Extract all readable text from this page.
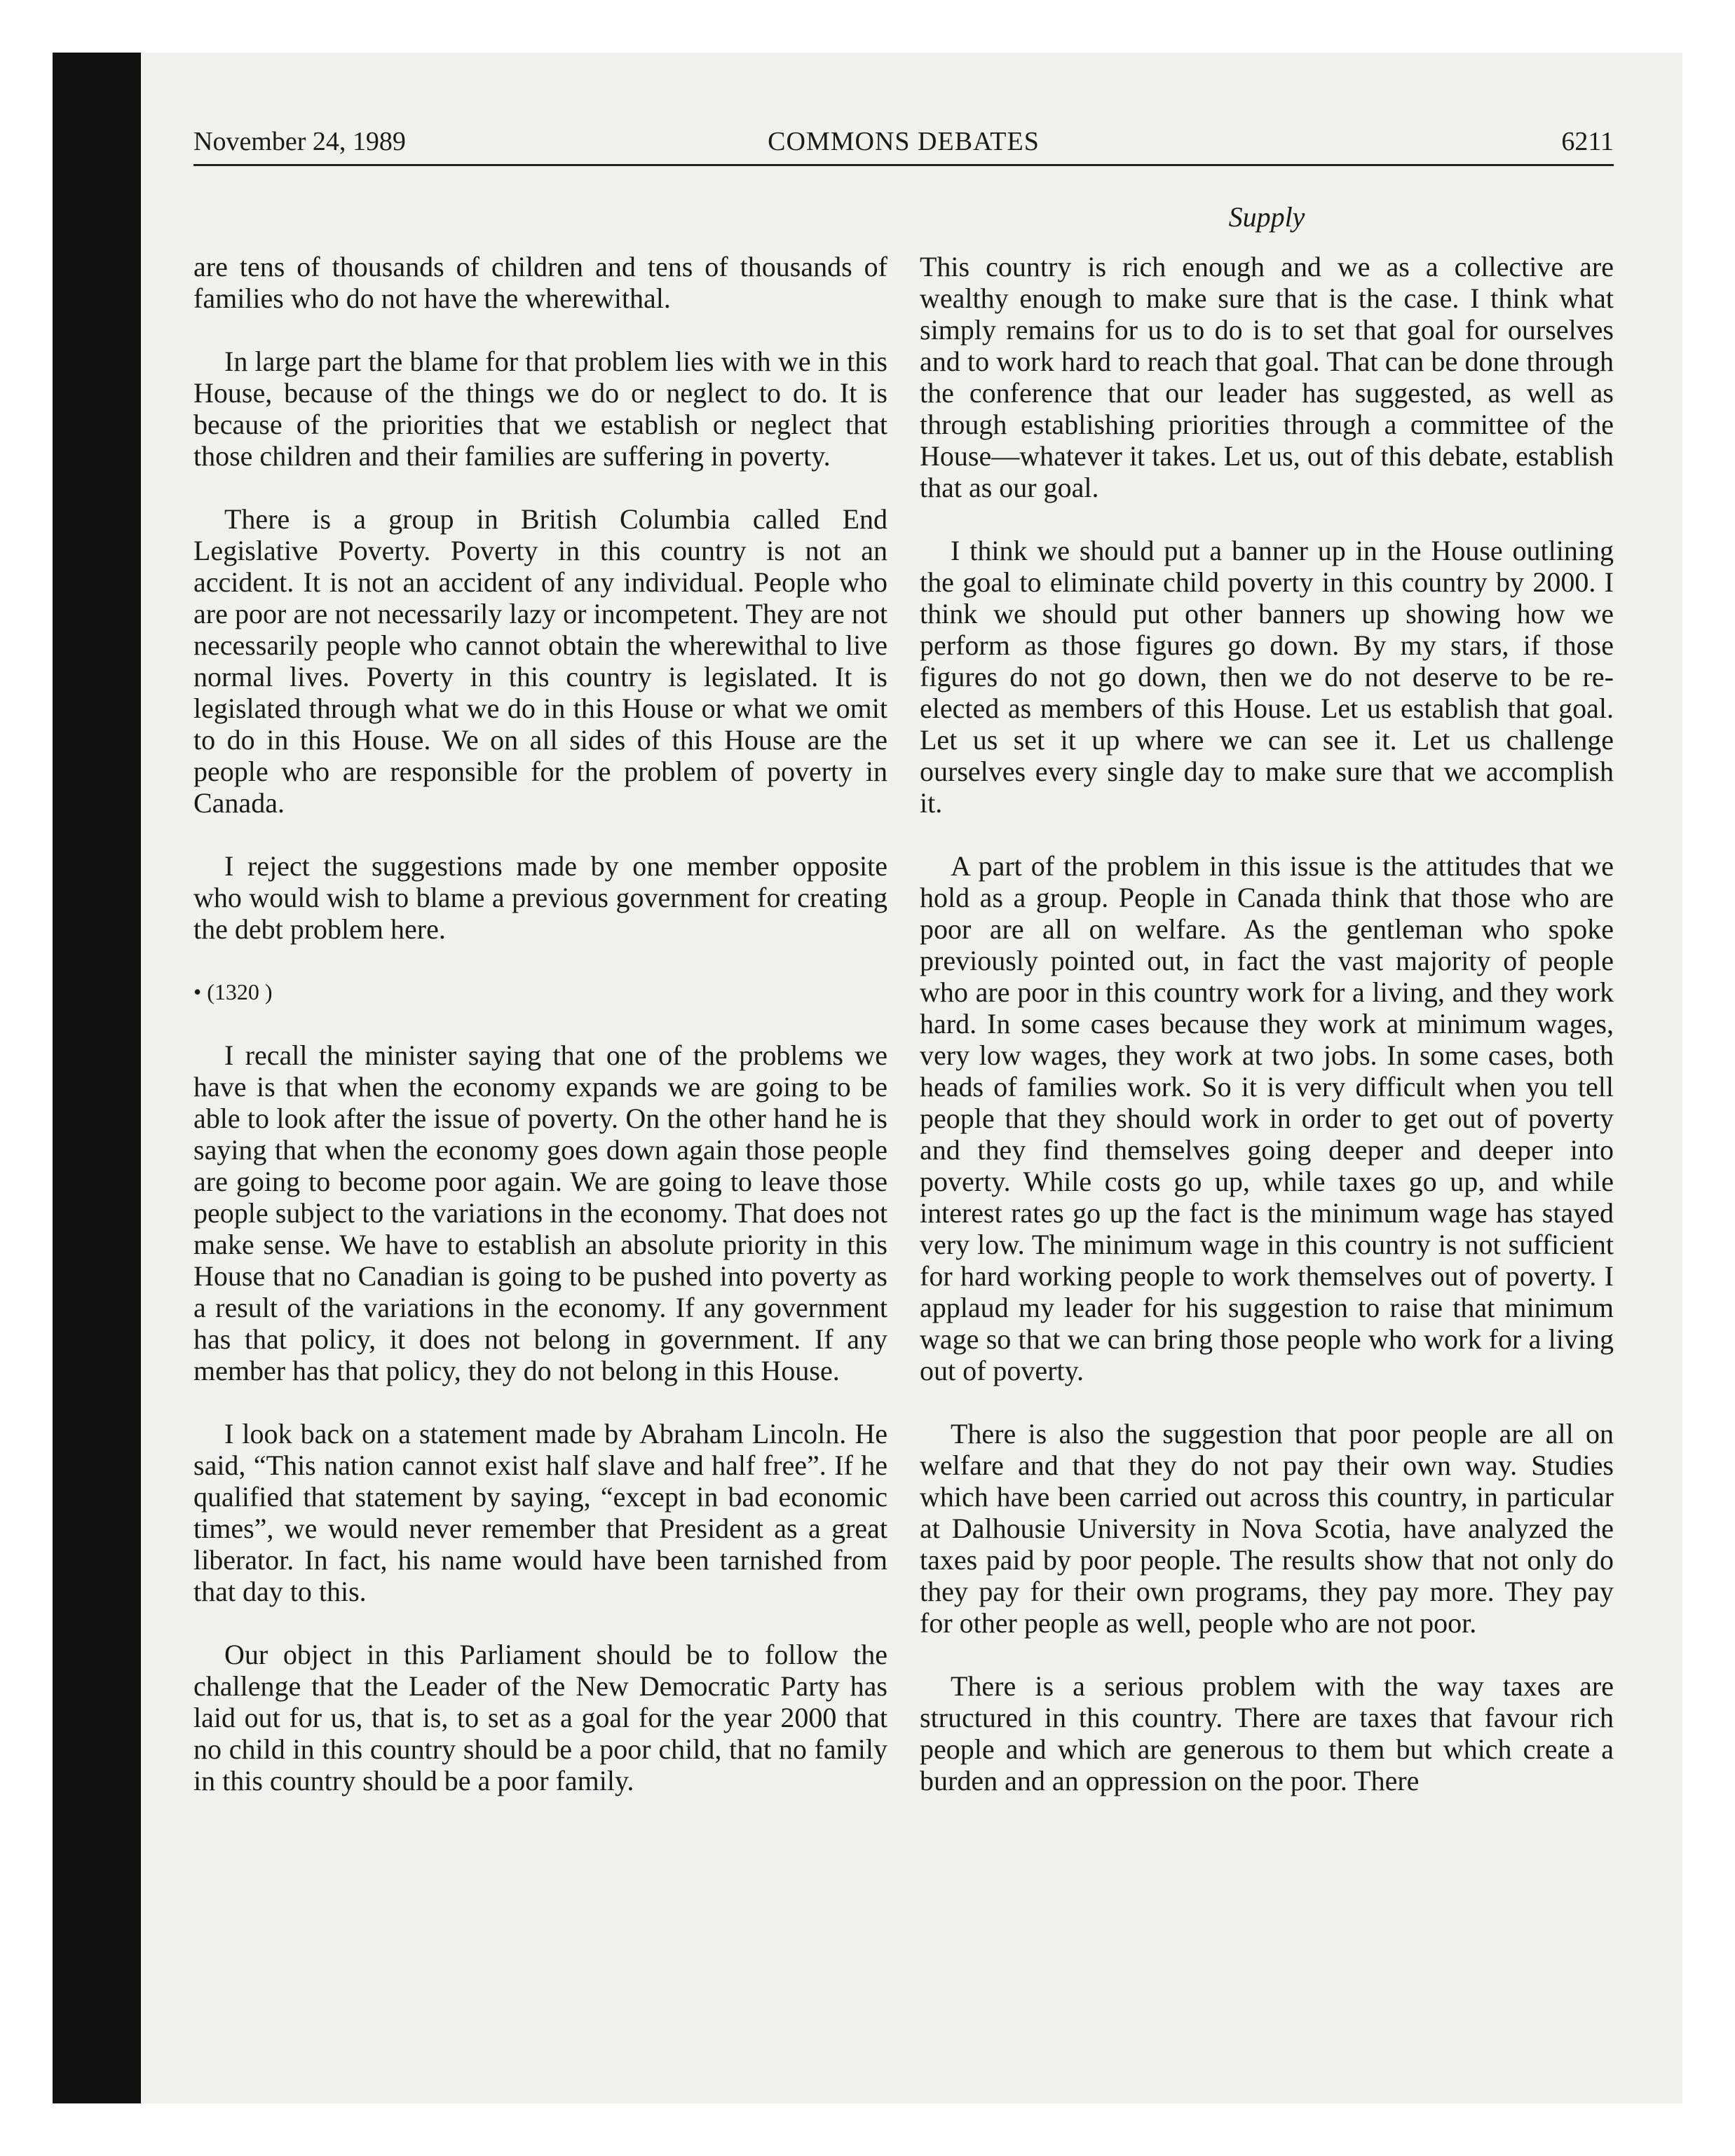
November 24, 1989	COMMONS DEBATES	6211
Supply

are tens of thousands of children and tens of thousands of families who do not have the wherewithal.

In large part the blame for that problem lies with we in this House, because of the things we do or neglect to do. It is because of the priorities that we establish or neglect that those children and their families are suffering in poverty.

There is a group in British Columbia called End Legislative Poverty. Poverty in this country is not an accident. It is not an accident of any individual. People who are poor are not necessarily lazy or incompetent. They are not necessarily people who cannot obtain the wherewithal to live normal lives. Poverty in this country is legislated. It is legislated through what we do in this House or what we omit to do in this House. We on all sides of this House are the people who are responsible for the problem of poverty in Canada.

I reject the suggestions made by one member opposite who would wish to blame a previous government for creating the debt problem here.

• (1320 )

I recall the minister saying that one of the problems we have is that when the economy expands we are going to be able to look after the issue of poverty. On the other hand he is saying that when the economy goes down again those people are going to become poor again. We are going to leave those people subject to the variations in the economy. That does not make sense. We have to establish an absolute priority in this House that no Canadian is going to be pushed into poverty as a result of the variations in the economy. If any government has that policy, it does not belong in government. If any member has that policy, they do not belong in this House.

I look back on a statement made by Abraham Lincoln. He said, “This nation cannot exist half slave and half free”. If he qualified that statement by saying, “except in bad economic times”, we would never remember that President as a great liberator. In fact, his name would have been tarnished from that day to this.

Our object in this Parliament should be to follow the challenge that the Leader of the New Democratic Party has laid out for us, that is, to set as a goal for the year 2000 that no child in this country should be a poor child, that no family in this country should be a poor family.

This country is rich enough and we as a collective are wealthy enough to make sure that is the case. I think what simply remains for us to do is to set that goal for ourselves and to work hard to reach that goal. That can be done through the conference that our leader has suggested, as well as through establishing priorities through a committee of the House—whatever it takes. Let us, out of this debate, establish that as our goal.

I think we should put a banner up in the House outlining the goal to eliminate child poverty in this country by 2000. I think we should put other banners up showing how we perform as those figures go down. By my stars, if those figures do not go down, then we do not deserve to be re-elected as members of this House. Let us establish that goal. Let us set it up where we can see it. Let us challenge ourselves every single day to make sure that we accomplish it.

A part of the problem in this issue is the attitudes that we hold as a group. People in Canada think that those who are poor are all on welfare. As the gentleman who spoke previously pointed out, in fact the vast majority of people who are poor in this country work for a living, and they work hard. In some cases because they work at minimum wages, very low wages, they work at two jobs. In some cases, both heads of families work. So it is very difficult when you tell people that they should work in order to get out of poverty and they find themselves going deeper and deeper into poverty. While costs go up, while taxes go up, and while interest rates go up the fact is the minimum wage has stayed very low. The minimum wage in this country is not sufficient for hard working people to work themselves out of poverty. I applaud my leader for his suggestion to raise that minimum wage so that we can bring those people who work for a living out of poverty.

There is also the suggestion that poor people are all on welfare and that they do not pay their own way. Studies which have been carried out across this country, in particular at Dalhousie University in Nova Scotia, have analyzed the taxes paid by poor people. The results show that not only do they pay for their own programs, they pay more. They pay for other people as well, people who are not poor.

There is a serious problem with the way taxes are structured in this country. There are taxes that favour rich people and which are generous to them but which create a burden and an oppression on the poor. There
